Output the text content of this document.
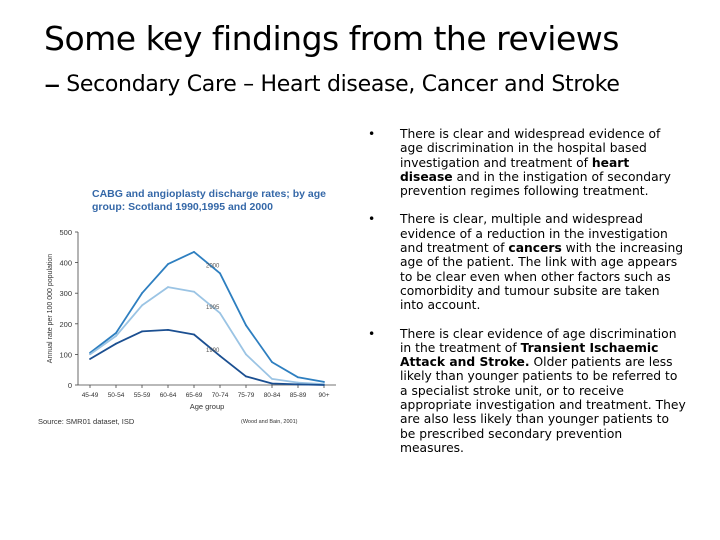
Some key findings from the reviews
– Secondary Care – Heart disease, Cancer and Stroke
CABG and angioplasty discharge rates; by age
group: Scotland 1990,1995 and 2000
0
100
200
300
400
500
45-49 50-54 55-59 60-64 65-69 70-74 75-79 80-84 85-89 90+
Age group
Annual rate per 100 000 population	2000
1995
1990
Source: SMR01 dataset, ISD	(Wood and Bain, 2001)
• There is clear and widespread evidence of age discrimination in the hospital based investigation and treatment of heart disease and in the instigation of secondary prevention regimes following treatment.
• There is clear, multiple and widespread evidence of a reduction in the investigation and treatment of cancers with the increasing age of the patient. The link with age appears to be clear even when other factors such as comorbidity and tumour subsite are taken into account.
• There is clear evidence of age discrimination in the treatment of Transient Ischaemic Attack and Stroke. Older patients are less likely than younger patients to be referred to a specialist stroke unit, or to receive appropriate investigation and treatment. They are also less likely than younger patients to be prescribed secondary prevention measures.
